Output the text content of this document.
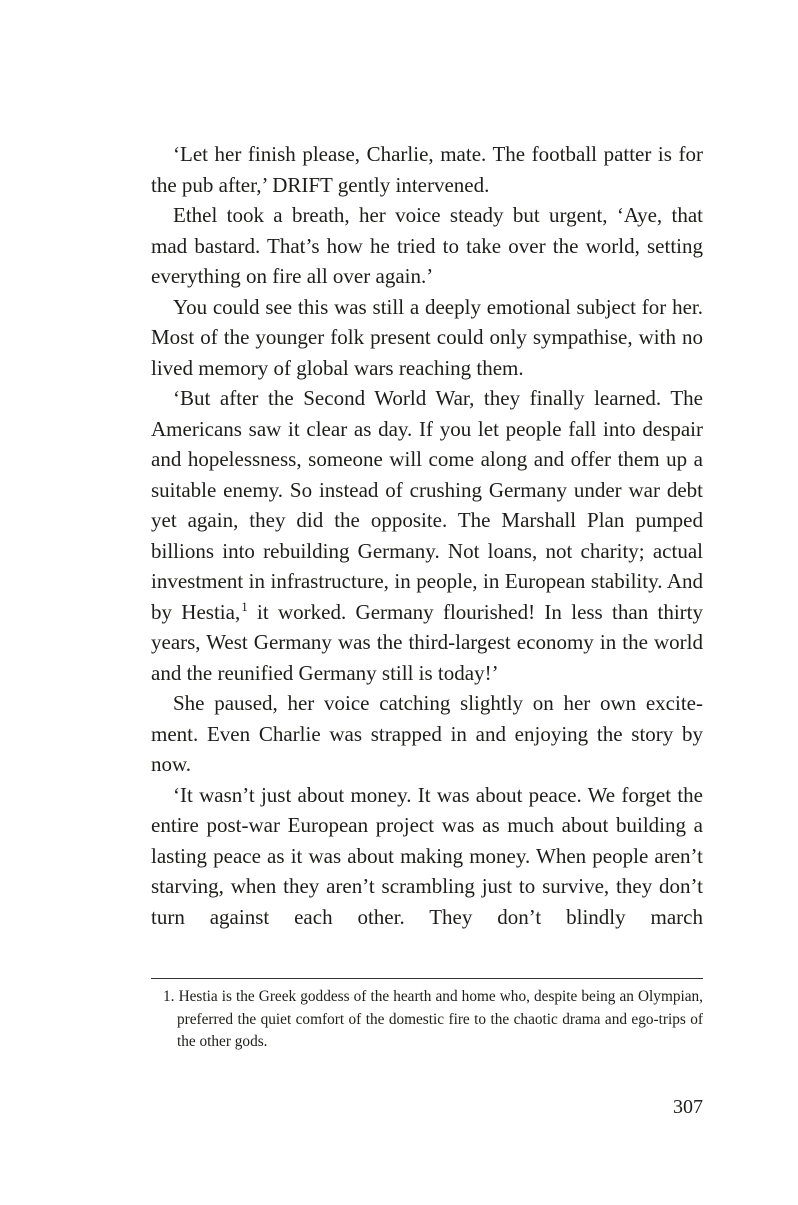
‘Let her finish please, Charlie, mate. The football patter is for the pub after,’ DRIFT gently intervened.

Ethel took a breath, her voice steady but urgent, ‘Aye, that mad bastard. That’s how he tried to take over the world, setting everything on fire all over again.’

You could see this was still a deeply emotional subject for her. Most of the younger folk present could only sympathise, with no lived memory of global wars reaching them.

‘But after the Second World War, they finally learned. The Americans saw it clear as day. If you let people fall into despair and hopelessness, someone will come along and offer them up a suitable enemy. So instead of crushing Germany under war debt yet again, they did the opposite. The Marshall Plan pumped billions into rebuilding Germany. Not loans, not charity; actual investment in infrastructure, in people, in European stability. And by Hestia,$^1$ it worked. Germany flourished! In less than thirty years, West Germany was the third-largest economy in the world and the reunified Germany still is today!’

She paused, her voice catching slightly on her own excitement. Even Charlie was strapped in and enjoying the story by now.

‘It wasn’t just about money. It was about peace. We forget the entire post-war European project was as much about building a lasting peace as it was about making money. When people aren’t starving, when they aren’t scrambling just to survive, they don’t turn against each other. They don’t blindly march

1. Hestia is the Greek goddess of the hearth and home who, despite being an Olympian, preferred the quiet comfort of the domestic fire to the chaotic drama and ego-trips of the other gods.

307
